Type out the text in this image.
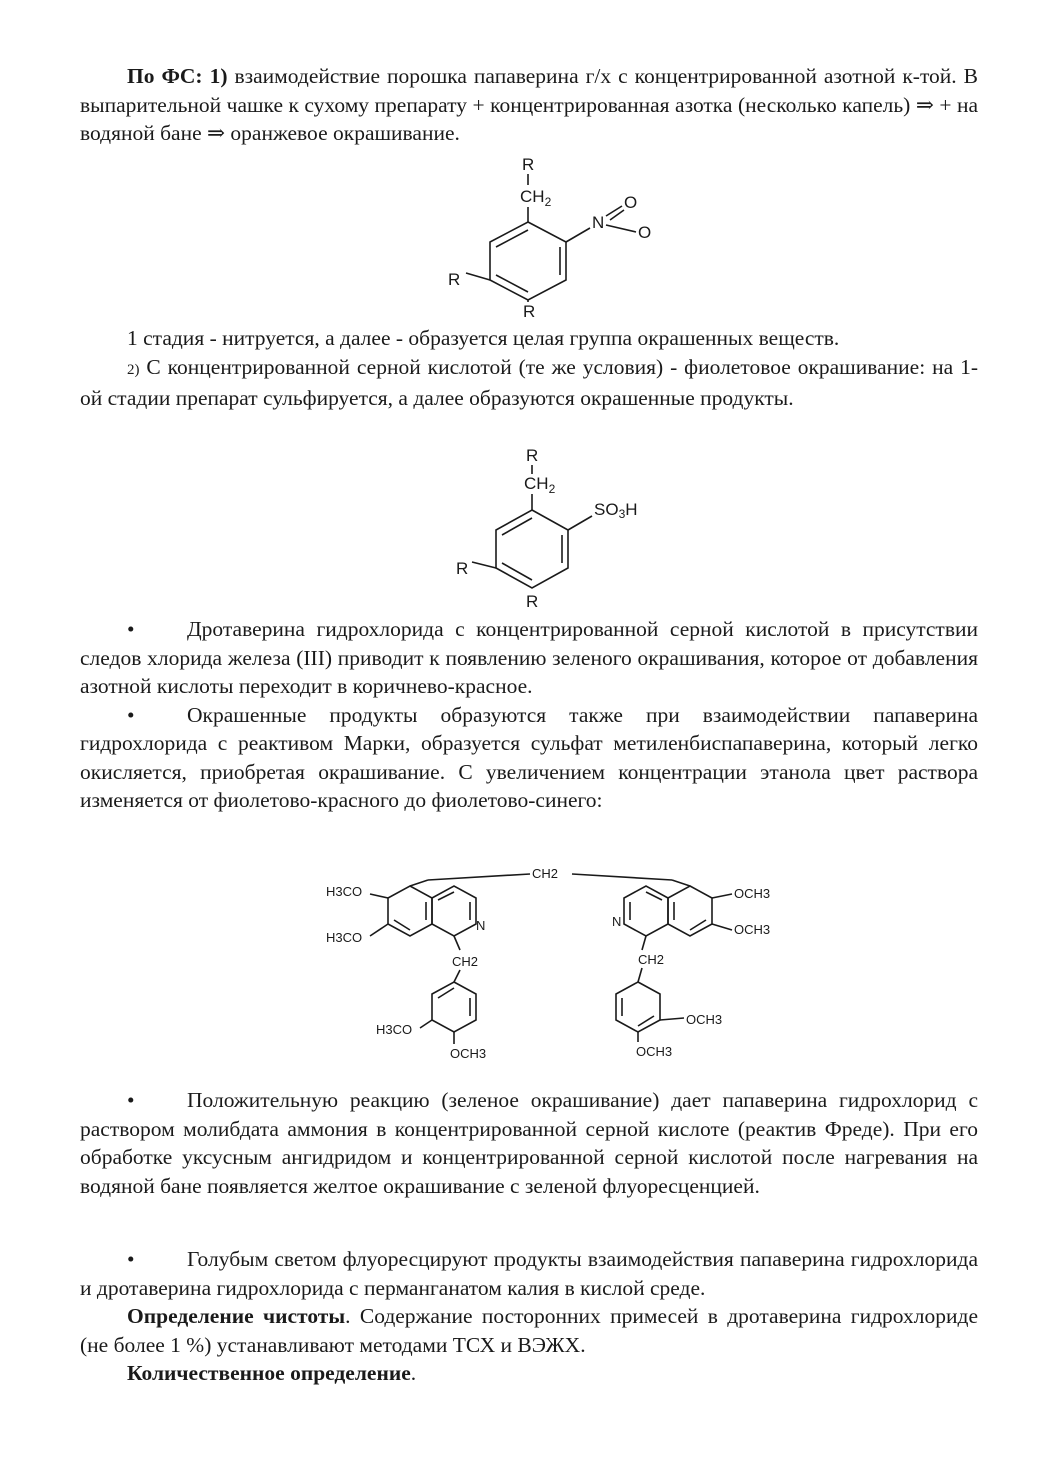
По ФС: 1) взаимодействие порошка папаверина г/х с концентрированной азотной к-той. В выпарительной чашке к сухому препарату + концентрированная азотка (несколько капель) ⇒ + на водяной бане ⇒ оранжевое окрашивание.

R
$CH_2$
N
O
O
R
R

1 стадия - нитруется, а далее - образуется целая группа окрашенных веществ.

2) С концентрированной серной кислотой (те же условия) - фиолетовое окрашивание: на 1-ой стадии препарат сульфируется, а далее образуются окрашенные продукты.

R
$CH_2$
SO3H
R
R

• Дротаверина гидрохлорида с концентрированной серной кислотой в присутствии следов хлорида железа (III) приводит к появлению зеленого окрашивания, которое от добавления азотной кислоты переходит в коричнево-красное.

• Окрашенные продукты образуются также при взаимодействии папаверина гидрохлорида с реактивом Марки, образуется сульфат метиленбиспапаверина, который легко окисляется, приобретая окрашивание. С увеличением концентрации этанола цвет раствора изменяется от фиолетово-красного до фиолетово-синего:

CH2
H3CO
H3CO
N
CH2
H3CO
OCH3
OCH3
OCH3
N
CH2
OCH3
OCH3

• Положительную реакцию (зеленое окрашивание) дает папаверина гидрохлорид с раствором молибдата аммония в концентрированной серной кислоте (реактив Фреде). При его обработке уксусным ангидридом и концентрированной серной кислотой после нагревания на водяной бане появляется желтое окрашивание с зеленой флуоресценцией.

• Голубым светом флуоресцируют продукты взаимодействия папаверина гидрохлорида и дротаверина гидрохлорида с перманганатом калия в кислой среде.

Определение чистоты. Содержание посторонних примесей в дротаверина гидрохлориде (не более 1 %) устанавливают методами ТСХ и ВЭЖХ.

Количественное определение.
